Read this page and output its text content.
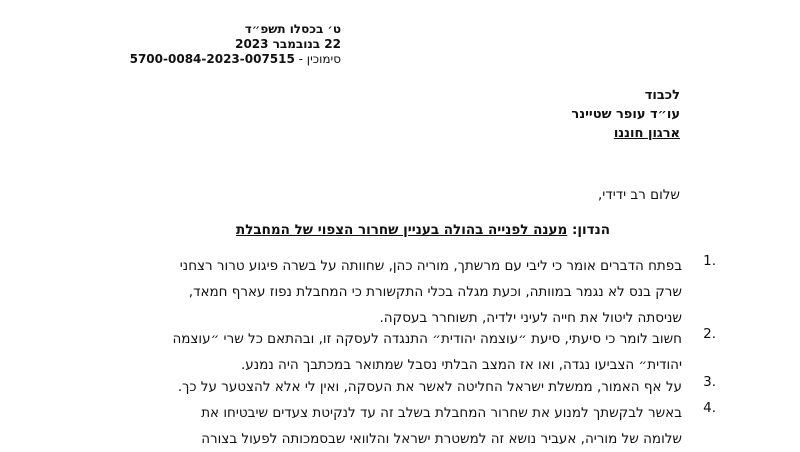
ט׳ בכסלו תשפ״ד
22 בנובמבר 2023
סימוכין - 5700-0084-2023-007515
לכבוד
עו״ד עופר שטיינר
ארגון חוננו
שלום רב ידידי,
הנדון: מענה לפנייה בהולה בעניין שחרור הצפוי של המחבלת
1.

בפתח הדברים אומר כי ליבי עם מרשתך, מוריה כהן, שחוותה על בשרה פיגוע טרור רצחני

שרק בנס לא נגמר במוותה, וכעת מגלה בכלי התקשורת כי המחבלת נפוז עארף חמאד,

שניסתה ליטול את חייה לעיני ילדיה, תשוחרר בעסקה.

2.

חשוב לומר כי סיעתי, סיעת ״עוצמה יהודית״ התנגדה לעסקה זו, ובהתאם כל שרי ״עוצמה

יהודית״ הצביעו נגדה, ואו אז המצב הבלתי נסבל שמתואר במכתבך היה נמנע.

3.

על אף האמור, ממשלת ישראל החליטה לאשר את העסקה, ואין לי אלא להצטער על כך.

4.

באשר לבקשתך למנוע את שחרור המחבלת בשלב זה עד לנקיטת צעדים שיבטיחו את

שלומה של מוריה, אעביר נושא זה למשטרת ישראל והלוואי שבסמכותה לפעול בצורה
